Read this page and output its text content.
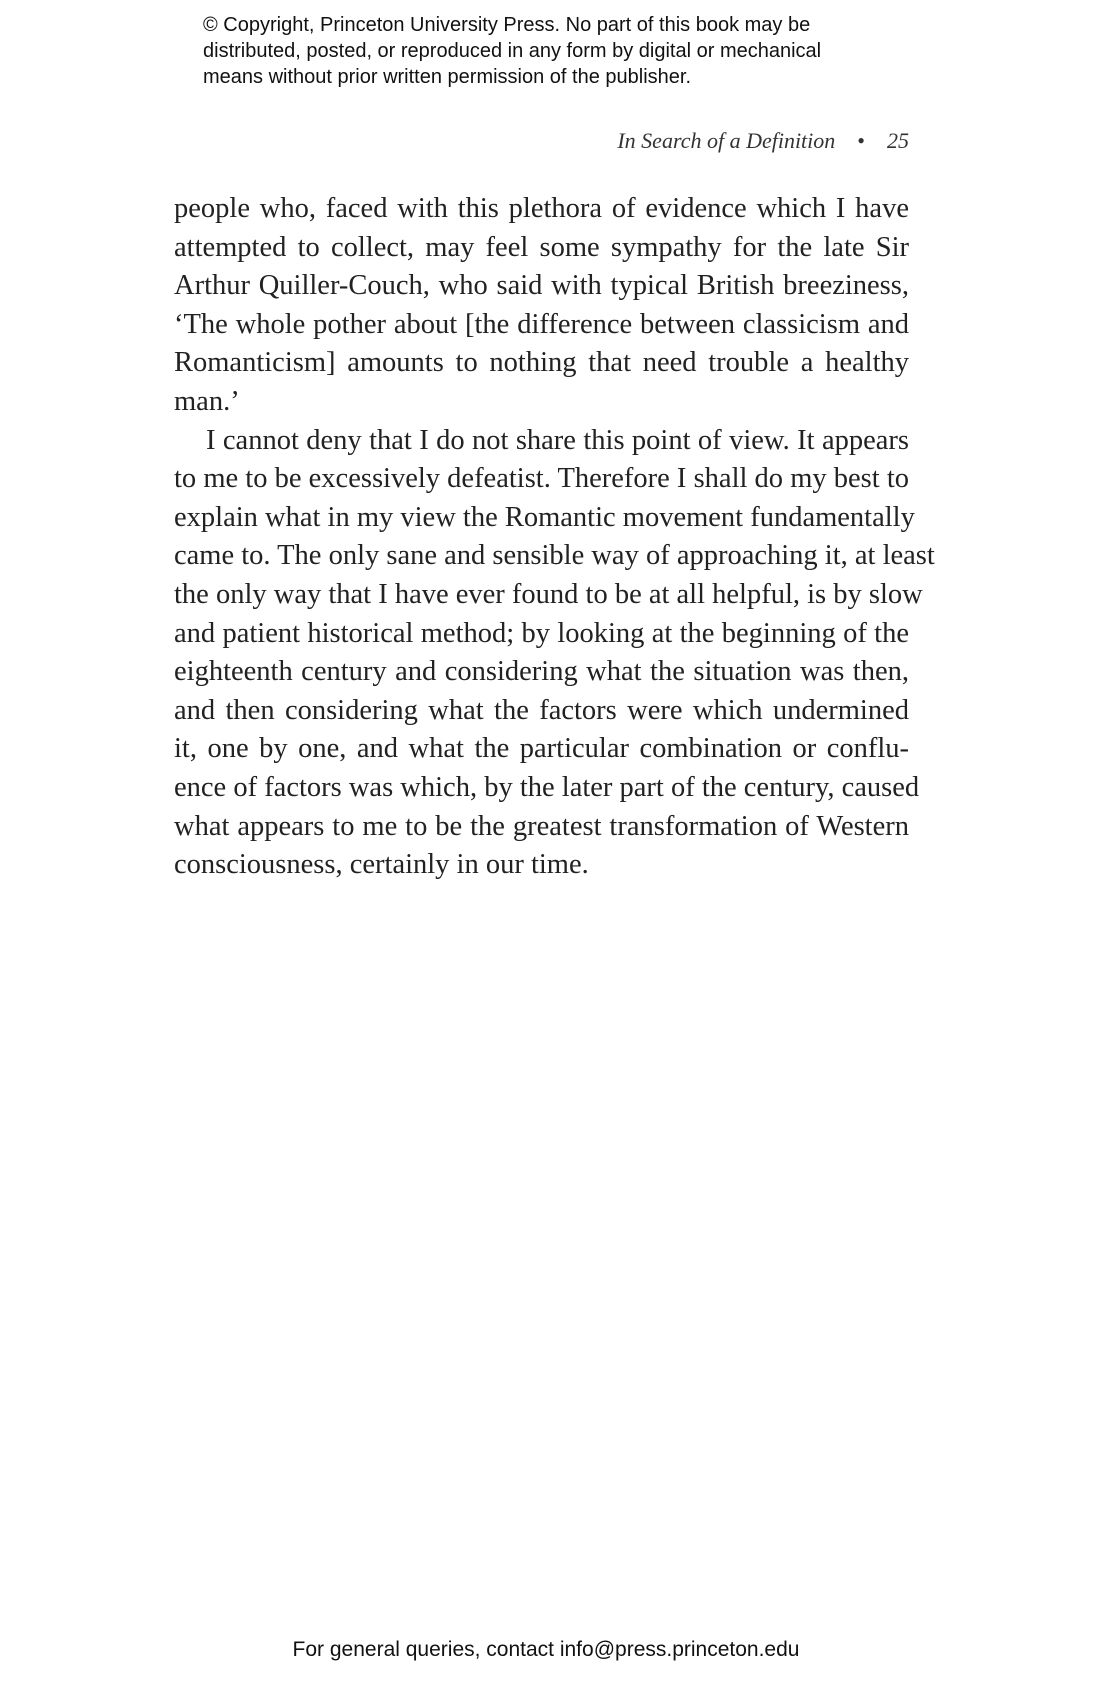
© Copyright, Princeton University Press. No part of this book may be
distributed, posted, or reproduced in any form by digital or mechanical
means without prior written permission of the publisher.
In Search of a Definition • 25
people who, faced with this plethora of evidence which I have
attempted to collect, may feel some sympathy for the late Sir
Arthur Quiller-Couch, who said with typical British breeziness,
‘The whole pother about [the difference between classicism and
Romanticism] amounts to nothing that need trouble a healthy
man.’
I cannot deny that I do not share this point of view. It appears
to me to be excessively defeatist. Therefore I shall do my best to
explain what in my view the Romantic movement fundamentally
came to. The only sane and sensible way of approaching it, at least
the only way that I have ever found to be at all helpful, is by slow
and patient historical method; by looking at the beginning of the
eighteenth century and considering what the situation was then,
and then considering what the factors were which undermined
it, one by one, and what the particular combination or conflu-
ence of factors was which, by the later part of the century, caused
what appears to me to be the greatest transformation of Western
consciousness, certainly in our time.
For general queries, contact info@press.princeton.edu
